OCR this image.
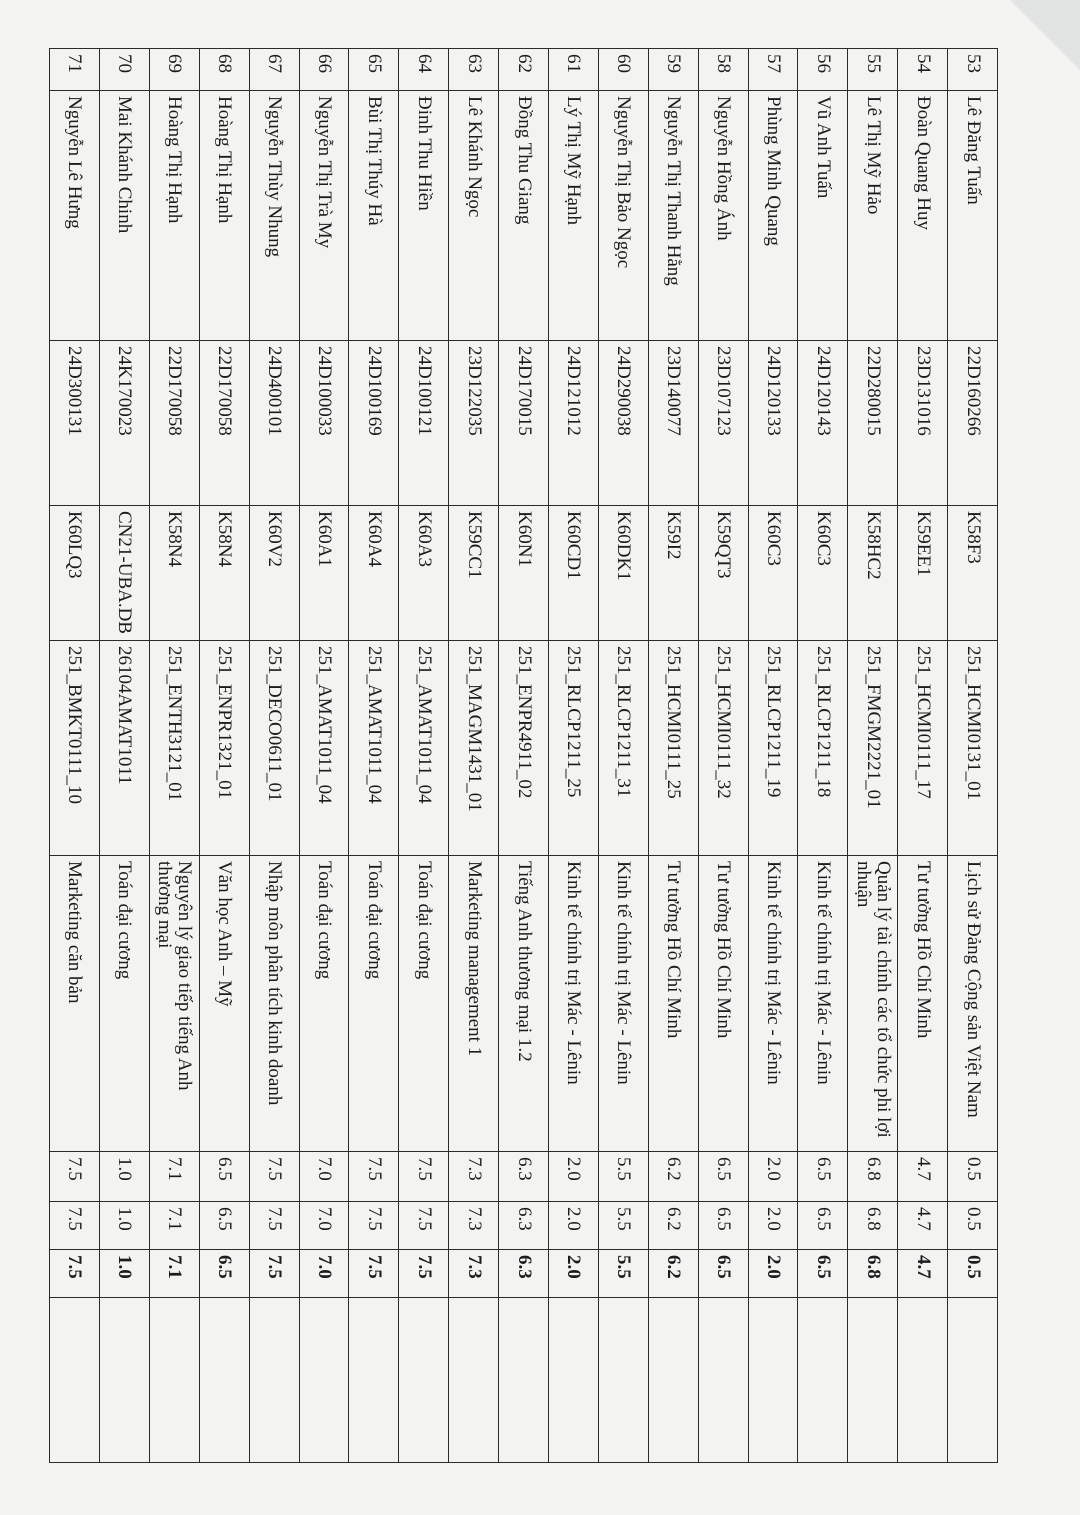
53	Lê Đăng Tuấn	22D160266	K58F3	251_HCMI0131_01	Lịch sử Đảng Cộng sản Việt Nam	0.5	0.5	0.5	
54	Đoàn Quang Huy	23D131016	K59EE1	251_HCMI0111_17	Tư tưởng Hồ Chí Minh	4.7	4.7	4.7	
55	Lê Thị Mỹ Hảo	22D280015	K58HC2	251_FMGM2221_01	Quản lý tài chính các tổ chức phi lợi nhuận	6.8	6.8	6.8	
56	Vũ Anh Tuấn	24D120143	K60C3	251_RLCP1211_18	Kinh tế chính trị Mác - Lênin	6.5	6.5	6.5	
57	Phùng Minh Quang	24D120133	K60C3	251_RLCP1211_19	Kinh tế chính trị Mác - Lênin	2.0	2.0	2.0	
58	Nguyễn Hồng Ánh	23D107123	K59QT3	251_HCMI0111_32	Tư tưởng Hồ Chí Minh	6.5	6.5	6.5	
59	Nguyễn Thị Thanh Hằng	23D140077	K59I2	251_HCMI0111_25	Tư tưởng Hồ Chí Minh	6.2	6.2	6.2	
60	Nguyễn Thị Bảo Ngọc	24D290038	K60DK1	251_RLCP1211_31	Kinh tế chính trị Mác - Lênin	5.5	5.5	5.5	
61	Lý Thị Mỹ Hạnh	24D121012	K60CD1	251_RLCP1211_25	Kinh tế chính trị Mác - Lênin	2.0	2.0	2.0	
62	Đồng Thu Giang	24D170015	K60N1	251_ENPR4911_02	Tiếng Anh thương mại 1.2	6.3	6.3	6.3	
63	Lê Khánh Ngọc	23D122035	K59CC1	251_MAGM1431_01	Marketing management 1	7.3	7.3	7.3	
64	Đinh Thu Hiền	24D100121	K60A3	251_AMAT1011_04	Toán đại cương	7.5	7.5	7.5	
65	Bùi Thị Thúy Hà	24D100169	K60A4	251_AMAT1011_04	Toán đại cương	7.5	7.5	7.5	
66	Nguyễn Thị Trà My	24D100033	K60A1	251_AMAT1011_04	Toán đại cương	7.0	7.0	7.0	
67	Nguyễn Thùy Nhung	24D400101	K60V2	251_DECO0611_01	Nhập môn phân tích kinh doanh	7.5	7.5	7.5	
68	Hoàng Thị Hạnh	22D170058	K58N4	251_ENPR1321_01	Văn học Anh – Mỹ	6.5	6.5	6.5	
69	Hoàng Thị Hạnh	22D170058	K58N4	251_ENTH3121_01	Nguyên lý giao tiếp tiếng Anh thương mại	7.1	7.1	7.1	
70	Mai Khánh Chinh	24K170023	CN21-UBA.DB	26104AMAT1011	Toán đại cương	1.0	1.0	1.0	
71	Nguyễn Lê Hưng	24D300131	K60LQ3	251_BMKT0111_10	Marketing căn bản	7.5	7.5	7.5	
